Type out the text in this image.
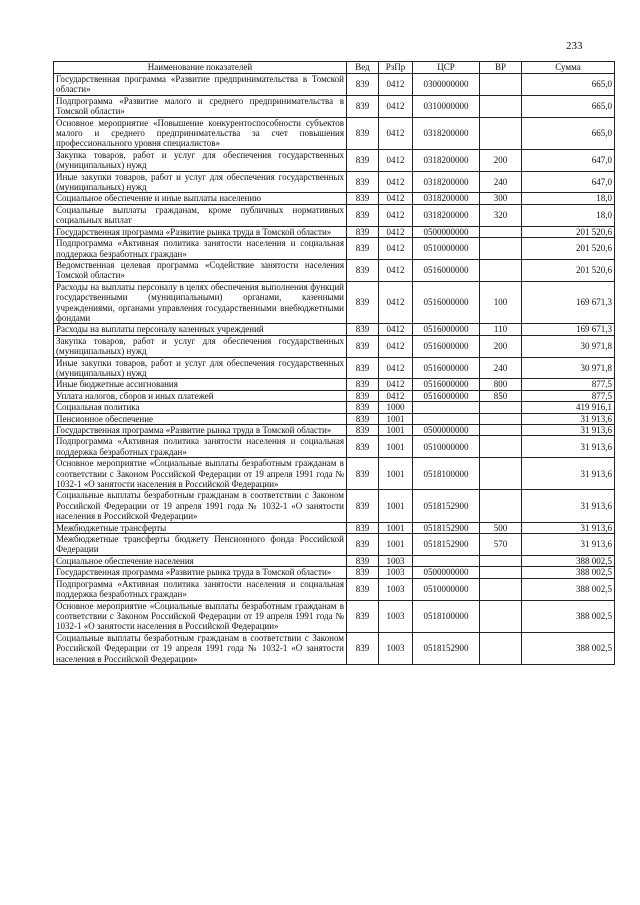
233
Наименование показателей	Вед	РзПр	ЦСР	ВР	Сумма
Государственная программа «Развитие предпринимательства в Томской области»	839	0412	0300000000		665,0
Подпрограмма «Развитие малого и среднего предпринимательства в Томской области»	839	0412	0310000000		665,0
Основное мероприятие «Повышение конкурентоспособности субъектов малого и среднего предпринимательства за счет повышения профессионального уровня специалистов»	839	0412	0318200000		665,0
Закупка товаров, работ и услуг для обеспечения государственных (муниципальных) нужд	839	0412	0318200000	200	647,0
Иные закупки товаров, работ и услуг для обеспечения государственных (муниципальных) нужд	839	0412	0318200000	240	647,0
Социальное обеспечение и иные выплаты населению	839	0412	0318200000	300	18,0
Социальные выплаты гражданам, кроме публичных нормативных социальных выплат	839	0412	0318200000	320	18,0
Государственная программа «Развитие рынка труда в Томской области»	839	0412	0500000000		201 520,6
Подпрограмма «Активная политика занятости населения и социальная поддержка безработных граждан»	839	0412	0510000000		201 520,6
Ведомственная целевая программа «Содействие занятости населения Томской области»	839	0412	0516000000		201 520,6
Расходы на выплаты персоналу в целях обеспечения выполнения функций государственными (муниципальными) органами, казенными учреждениями, органами управления государственными внебюджетными фондами	839	0412	0516000000	100	169 671,3
Расходы на выплаты персоналу казенных учреждений	839	0412	0516000000	110	169 671,3
Закупка товаров, работ и услуг для обеспечения государственных (муниципальных) нужд	839	0412	0516000000	200	30 971,8
Иные закупки товаров, работ и услуг для обеспечения государственных (муниципальных) нужд	839	0412	0516000000	240	30 971,8
Иные бюджетные ассигнования	839	0412	0516000000	800	877,5
Уплата налогов, сборов и иных платежей	839	0412	0516000000	850	877,5
Социальная политика	839	1000			419 916,1
Пенсионное обеспечение	839	1001			31 913,6
Государственная программа «Развитие рынка труда в Томской области»	839	1001	0500000000		31 913,6
Подпрограмма «Активная политика занятости населения и социальная поддержка безработных граждан»	839	1001	0510000000		31 913,6
Основное мероприятие «Социальные выплаты безработным гражданам в соответствии с Законом Российской Федерации от 19 апреля 1991 года № 1032-1 «О занятости населения в Российской Федерации»	839	1001	0518100000		31 913,6
Социальные выплаты безработным гражданам в соответствии с Законом Российской Федерации от 19 апреля 1991 года № 1032-1 «О занятости населения в Российской Федерации»	839	1001	0518152900		31 913,6
Межбюджетные трансферты	839	1001	0518152900	500	31 913,6
Межбюджетные трансферты бюджету Пенсионного фонда Российской Федерации	839	1001	0518152900	570	31 913,6
Социальное обеспечение населения	839	1003			388 002,5
Государственная программа «Развитие рынка труда в Томской области»	839	1003	0500000000		388 002,5
Подпрограмма «Активная политика занятости населения и социальная поддержка безработных граждан»	839	1003	0510000000		388 002,5
Основное мероприятие «Социальные выплаты безработным гражданам в соответствии с Законом Российской Федерации от 19 апреля 1991 года № 1032-1 «О занятости населения в Российской Федерации»	839	1003	0518100000		388 002,5
Социальные выплаты безработным гражданам в соответствии с Законом Российской Федерации от 19 апреля 1991 года № 1032-1 «О занятости населения в Российской Федерации»	839	1003	0518152900		388 002,5
